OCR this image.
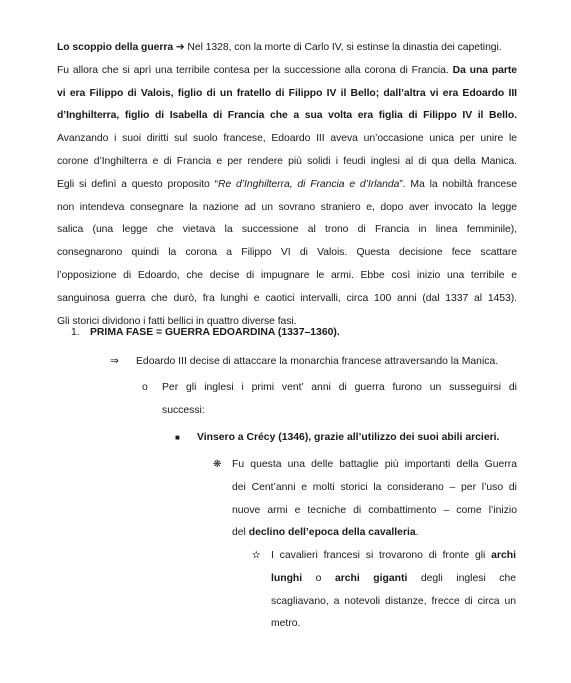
Lo scoppio della guerra ➔ Nel 1328, con la morte di Carlo IV, si estinse la dinastia dei capetingi.
Fu allora che si aprì una terribile contesa per la successione alla corona di Francia. Da una parte
vi era Filippo di Valois, figlio di un fratello di Filippo IV il Bello; dall’altra vi era Edoardo III
d’Inghilterra, figlio di Isabella di Francia che a sua volta era figlia di Filippo IV il Bello.
Avanzando i suoi diritti sul suolo francese, Edoardo III aveva un’occasione unica per unire le
corone d’Inghilterra e di Francia e per rendere più solidi i feudi inglesi al di qua della Manica.
Egli si definì a questo proposito “Re d’Inghilterra, di Francia e d’Irlanda”. Ma la nobiltà francese
non intendeva consegnare la nazione ad un sovrano straniero e, dopo aver invocato la legge
salica (una legge che vietava la successione al trono di Francia in linea femminile),
consegnarono quindi la corona a Filippo VI di Valois. Questa decisione fece scattare
l’opposizione di Edoardo, che decise di impugnare le armi. Ebbe così inizio una terribile e
sanguinosa guerra che durò, fra lunghi e caotici intervalli, circa 100 anni (dal 1337 al 1453).
Gli storici dividono i fatti bellici in quattro diverse fasi.
1. PRIMA FASE = GUERRA EDOARDINA (1337–1360).
⇒ Edoardo III decise di attaccare la monarchia francese attraversando la Manica.
o	Per gli inglesi i primi vent’ anni di guerra furono un susseguirsi di
successi:
■	Vinsero a Crécy (1346), grazie all’utilizzo dei suoi abili arcieri.
❋	Fu questa una delle battaglie più importanti della Guerra
dei Cent’anni e molti storici la considerano – per l’uso di
nuove armi e tecniche di combattimento – come l’inizio
del declino dell’epoca della cavalleria.
✫	I cavalieri francesi si trovarono di fronte gli archi
lunghi o archi giganti degli inglesi che
scagliavano, a notevoli distanze, frecce di circa un
metro.
